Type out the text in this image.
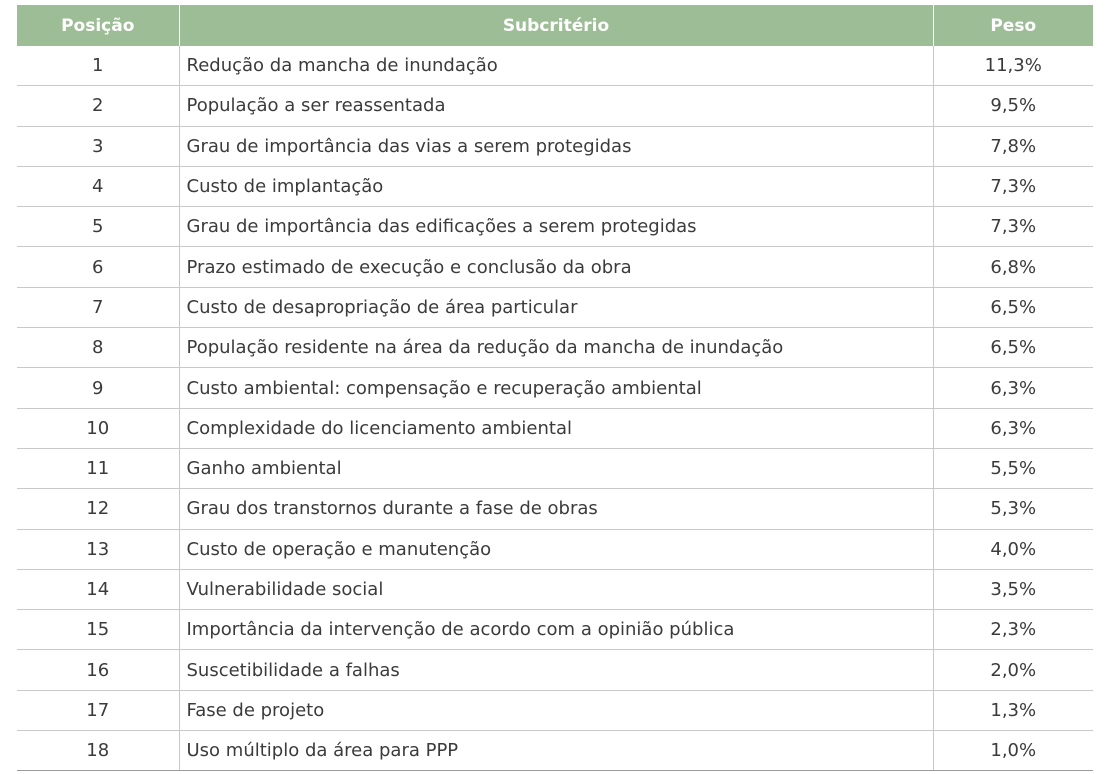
Posição	Subcritério	Peso
1	Redução da mancha de inundação	11,3%
2	População a ser reassentada	9,5%
3	Grau de importância das vias a serem protegidas	7,8%
4	Custo de implantação	7,3%
5	Grau de importância das edificações a serem protegidas	7,3%
6	Prazo estimado de execução e conclusão da obra	6,8%
7	Custo de desapropriação de área particular	6,5%
8	População residente na área da redução da mancha de inundação	6,5%
9	Custo ambiental: compensação e recuperação ambiental	6,3%
10	Complexidade do licenciamento ambiental	6,3%
11	Ganho ambiental	5,5%
12	Grau dos transtornos durante a fase de obras	5,3%
13	Custo de operação e manutenção	4,0%
14	Vulnerabilidade social	3,5%
15	Importância da intervenção de acordo com a opinião pública	2,3%
16	Suscetibilidade a falhas	2,0%
17	Fase de projeto	1,3%
18	Uso múltiplo da área para PPP	1,0%
